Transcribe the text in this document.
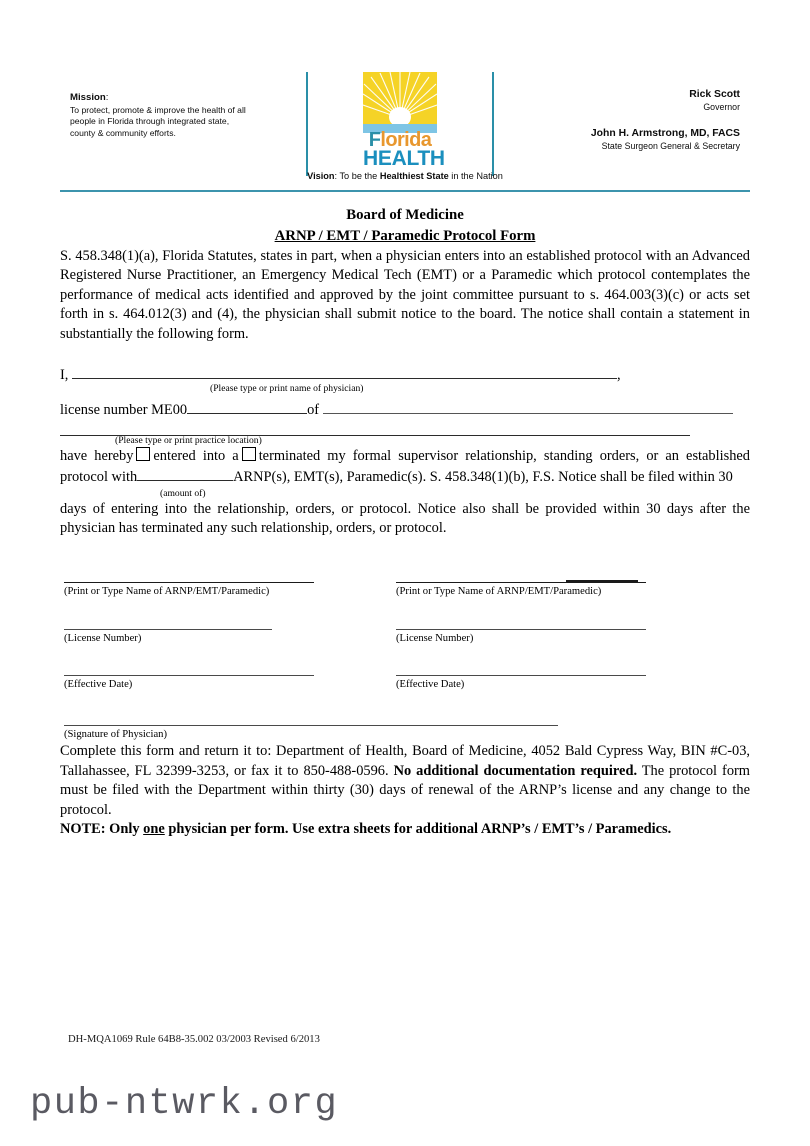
Mission:
To protect, promote & improve the health of all people in Florida through integrated state, county & community efforts.	Florida
HEALTH
Rick Scott
Governor
John H. Armstrong, MD, FACS
State Surgeon General & Secretary
Vision: To be the Healthiest State in the Nation
Board of Medicine
ARNP / EMT / Paramedic Protocol Form

S. 458.348(1)(a), Florida Statutes, states in part, when a physician enters into an established protocol with an Advanced Registered Nurse Practitioner, an Emergency Medical Tech (EMT) or a Paramedic which protocol contemplates the performance of medical acts identified and approved by the joint committee pursuant to s. 464.003(3)(c) or acts set forth in s. 464.012(3) and (4), the physician shall submit notice to the board. The notice shall contain a statement in substantially the following form.

I,	,
(Please type or print name of physician)
license number ME00	of
(Please type or print practice location)

have hereby entered into a terminated my formal supervisor relationship, standing orders, or an established protocol with	ARNP(s), EMT(s), Paramedic(s). S. 458.348(1)(b), F.S. Notice shall be filed within 30

(amount of)

days of entering into the relationship, orders, or protocol. Notice also shall be provided within 30 days after the physician has terminated any such relationship, orders, or protocol.

(Print or Type Name of ARNP/EMT/Paramedic)	(Print or Type Name of ARNP/EMT/Paramedic)
(License Number)	(License Number)
(Effective Date)	(Effective Date)
(Signature of Physician)

Complete this form and return it to: Department of Health, Board of Medicine, 4052 Bald Cypress Way, BIN #C-03, Tallahassee, FL 32399-3253, or fax it to 850-488-0596. No additional documentation required. The protocol form must be filed with the Department within thirty (30) days of renewal of the ARNP’s license and any change to the protocol.

NOTE: Only one physician per form. Use extra sheets for additional ARNP’s / EMT’s / Paramedics.

DH-MQA1069 Rule 64B8-35.002 03/2003 Revised 6/2013
pub-ntwrk.org
